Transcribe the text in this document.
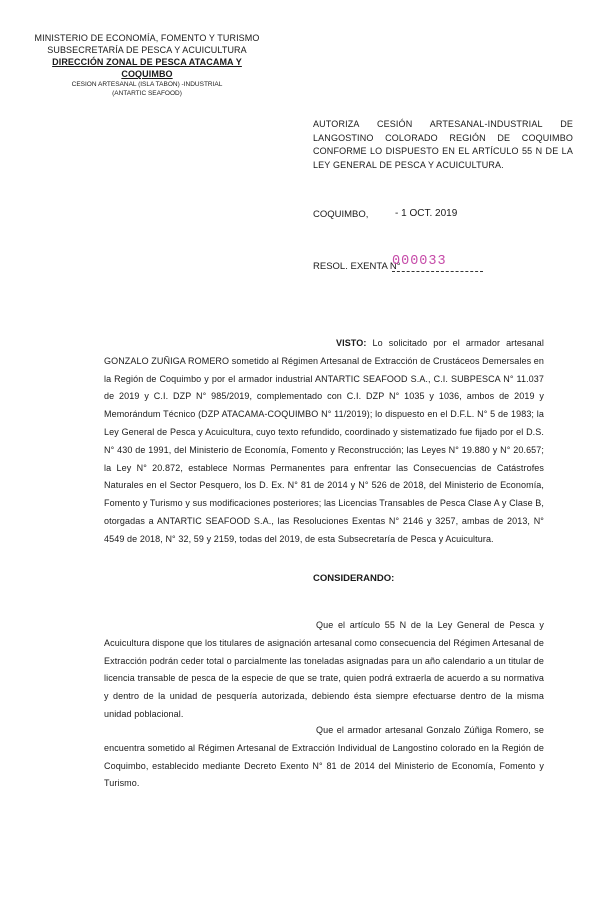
MINISTERIO DE ECONOMÍA, FOMENTO Y TURISMO
SUBSECRETARÍA DE PESCA Y ACUICULTURA
DIRECCIÓN ZONAL DE PESCA ATACAMA Y
COQUIMBO
CESION ARTESANAL (ISLA TABON) -INDUSTRIAL
(ANTARTIC SEAFOOD)
AUTORIZA CESIÓN ARTESANAL-INDUSTRIAL DE LANGOSTINO COLORADO REGIÓN DE COQUIMBO CONFORME LO DISPUESTO EN EL ARTÍCULO 55 N DE LA LEY GENERAL DE PESCA Y ACUICULTURA.
COQUIMBO,	- 1 OCT. 2019
RESOL. EXENTA N°
000033
VISTO: Lo solicitado por el armador artesanal GONZALO ZUÑIGA ROMERO sometido al Régimen Artesanal de Extracción de Crustáceos Demersales en la Región de Coquimbo y por el armador industrial ANTARTIC SEAFOOD S.A., C.I. SUBPESCA N° 11.037 de 2019 y C.I. DZP N° 985/2019, complementado con C.I. DZP N° 1035 y 1036, ambos de 2019 y Memorándum Técnico (DZP ATACAMA-COQUIMBO N° 11/2019); lo dispuesto en el D.F.L. N° 5 de 1983; la Ley General de Pesca y Acuicultura, cuyo texto refundido, coordinado y sistematizado fue fijado por el D.S. N° 430 de 1991, del Ministerio de Economía, Fomento y Reconstrucción; las Leyes N° 19.880 y N° 20.657; la Ley N° 20.872, establece Normas Permanentes para enfrentar las Consecuencias de Catástrofes Naturales en el Sector Pesquero, los D. Ex. N° 81 de 2014 y N° 526 de 2018, del Ministerio de Economía, Fomento y Turismo y sus modificaciones posteriores; las Licencias Transables de Pesca Clase A y Clase B, otorgadas a ANTARTIC SEAFOOD S.A., las Resoluciones Exentas N° 2146 y 3257, ambas de 2013, N° 4549 de 2018, N° 32, 59 y 2159, todas del 2019, de esta Subsecretaría de Pesca y Acuicultura.
CONSIDERANDO:
Que el artículo 55 N de la Ley General de Pesca y Acuicultura dispone que los titulares de asignación artesanal como consecuencia del Régimen Artesanal de Extracción podrán ceder total o parcialmente las toneladas asignadas para un año calendario a un titular de licencia transable de pesca de la especie de que se trate, quien podrá extraerla de acuerdo a su normativa y dentro de la unidad de pesquería autorizada, debiendo ésta siempre efectuarse dentro de la misma unidad poblacional.
Que el armador artesanal Gonzalo Zúñiga Romero, se encuentra sometido al Régimen Artesanal de Extracción Individual de Langostino colorado en la Región de Coquimbo, establecido mediante Decreto Exento N° 81 de 2014 del Ministerio de Economía, Fomento y Turismo.
